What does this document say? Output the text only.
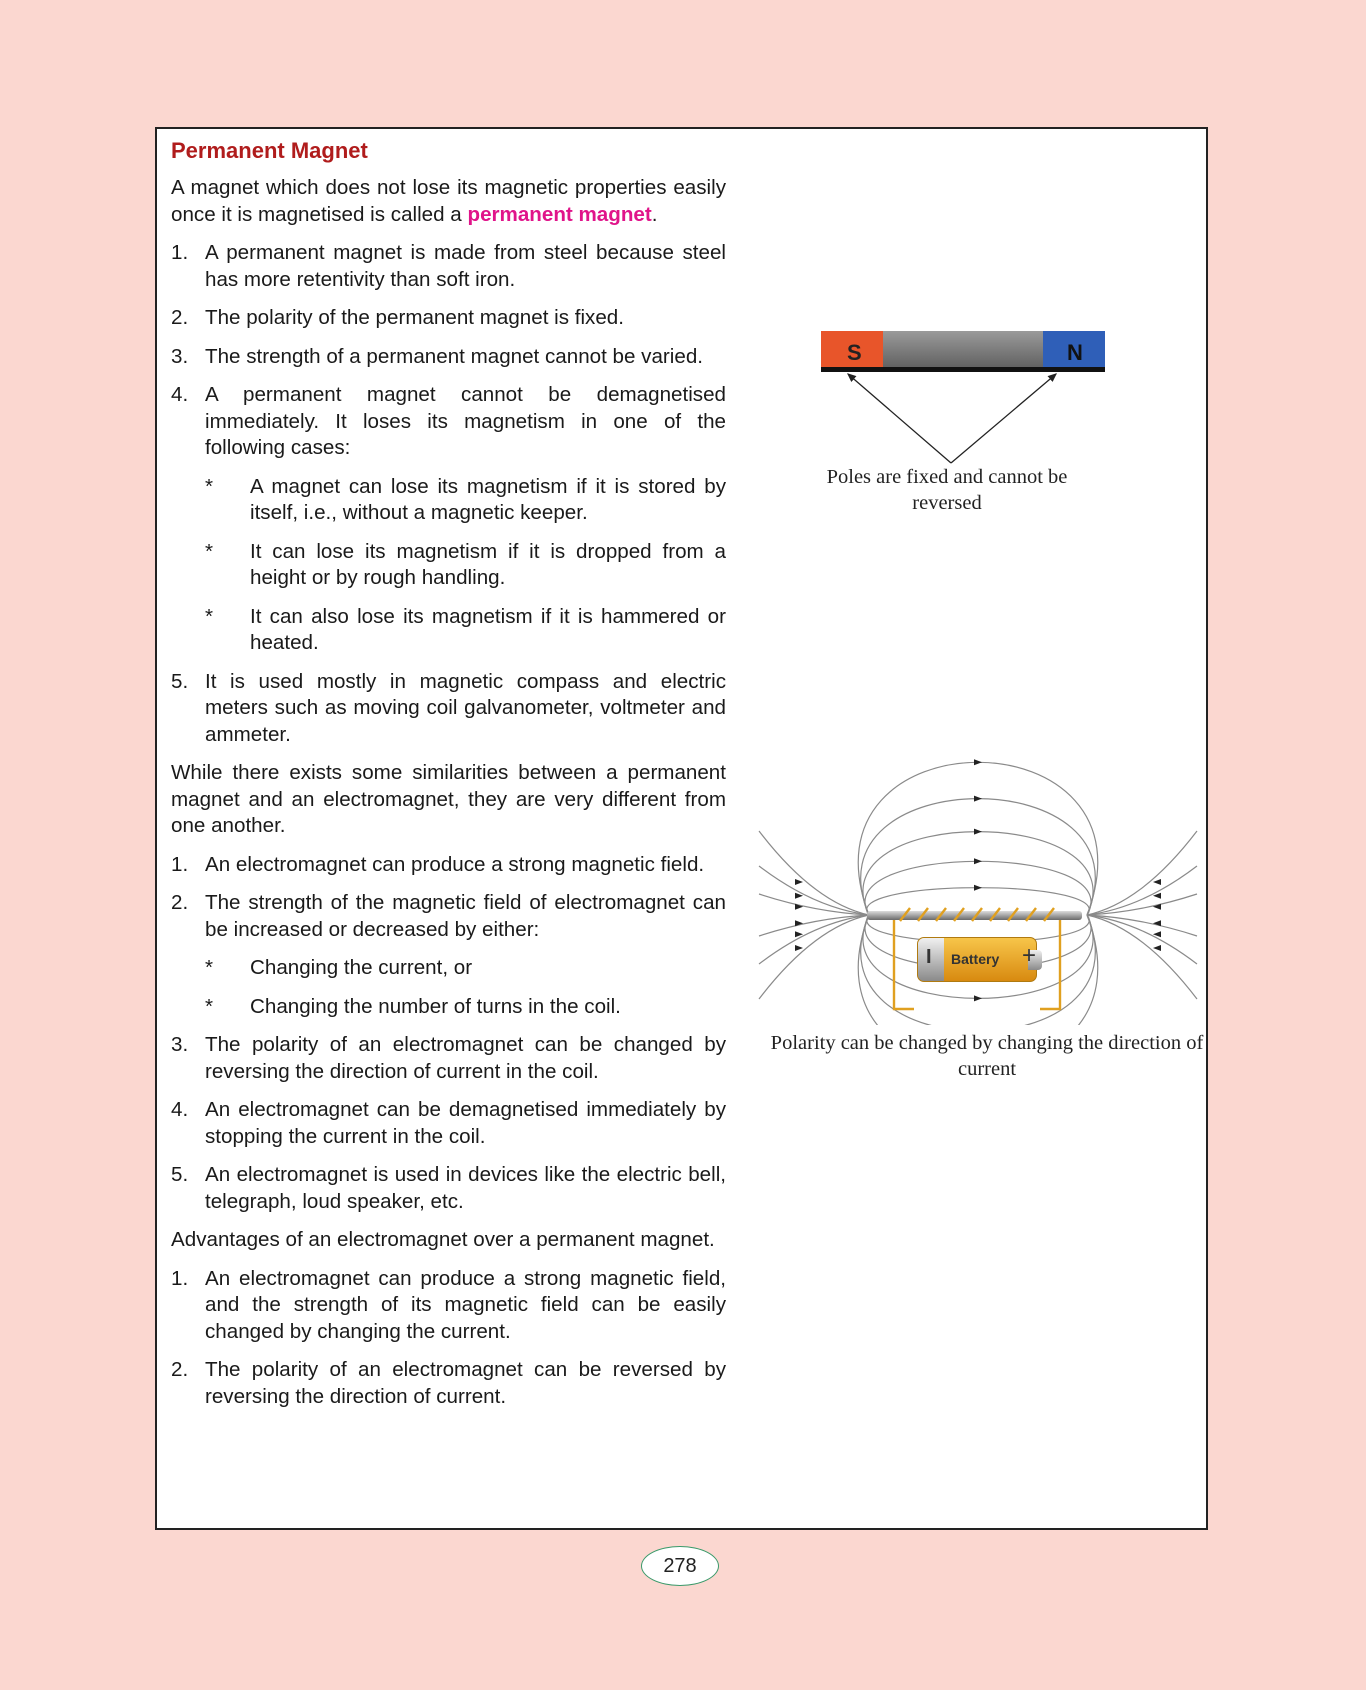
Permanent Magnet

A magnet which does not lose its magnetic properties easily once it is magnetised is called a permanent magnet.

1. A permanent magnet is made from steel because steel has more retentivity than soft iron.
2. The polarity of the permanent magnet is fixed.
3. The strength of a permanent magnet cannot be varied.
4. A permanent magnet cannot be demagnetised immediately. It loses its magnetism in one of the following cases:
* A magnet can lose its magnetism if it is stored by itself, i.e., without a magnetic keeper.
* It can lose its magnetism if it is dropped from a height or by rough handling.
* It can also lose its magnetism if it is hammered or heated.
5. It is used mostly in magnetic compass and electric meters such as moving coil galvanometer, voltmeter and ammeter.

While there exists some similarities between a permanent magnet and an electromagnet, they are very different from one another.

1. An electromagnet can produce a strong magnetic field.
2. The strength of the magnetic field of electromagnet can be increased or decreased by either:
* Changing the current, or
* Changing the number of turns in the coil.
3. The polarity of an electromagnet can be changed by reversing the direction of current in the coil.
4. An electromagnet can be demagnetised immediately by stopping the current in the coil.
5. An electromagnet is used in devices like the electric bell, telegraph, loud speaker, etc.

Advantages of an electromagnet over a permanent magnet.

1. An electromagnet can produce a strong magnetic field, and the strength of its magnetic field can be easily changed by changing the current.
2. The polarity of an electromagnet can be reversed by reversing the direction of current.
S	N
Poles are fixed and cannot be reversed
I Battery +
Polarity can be changed by changing the direction of current
278
